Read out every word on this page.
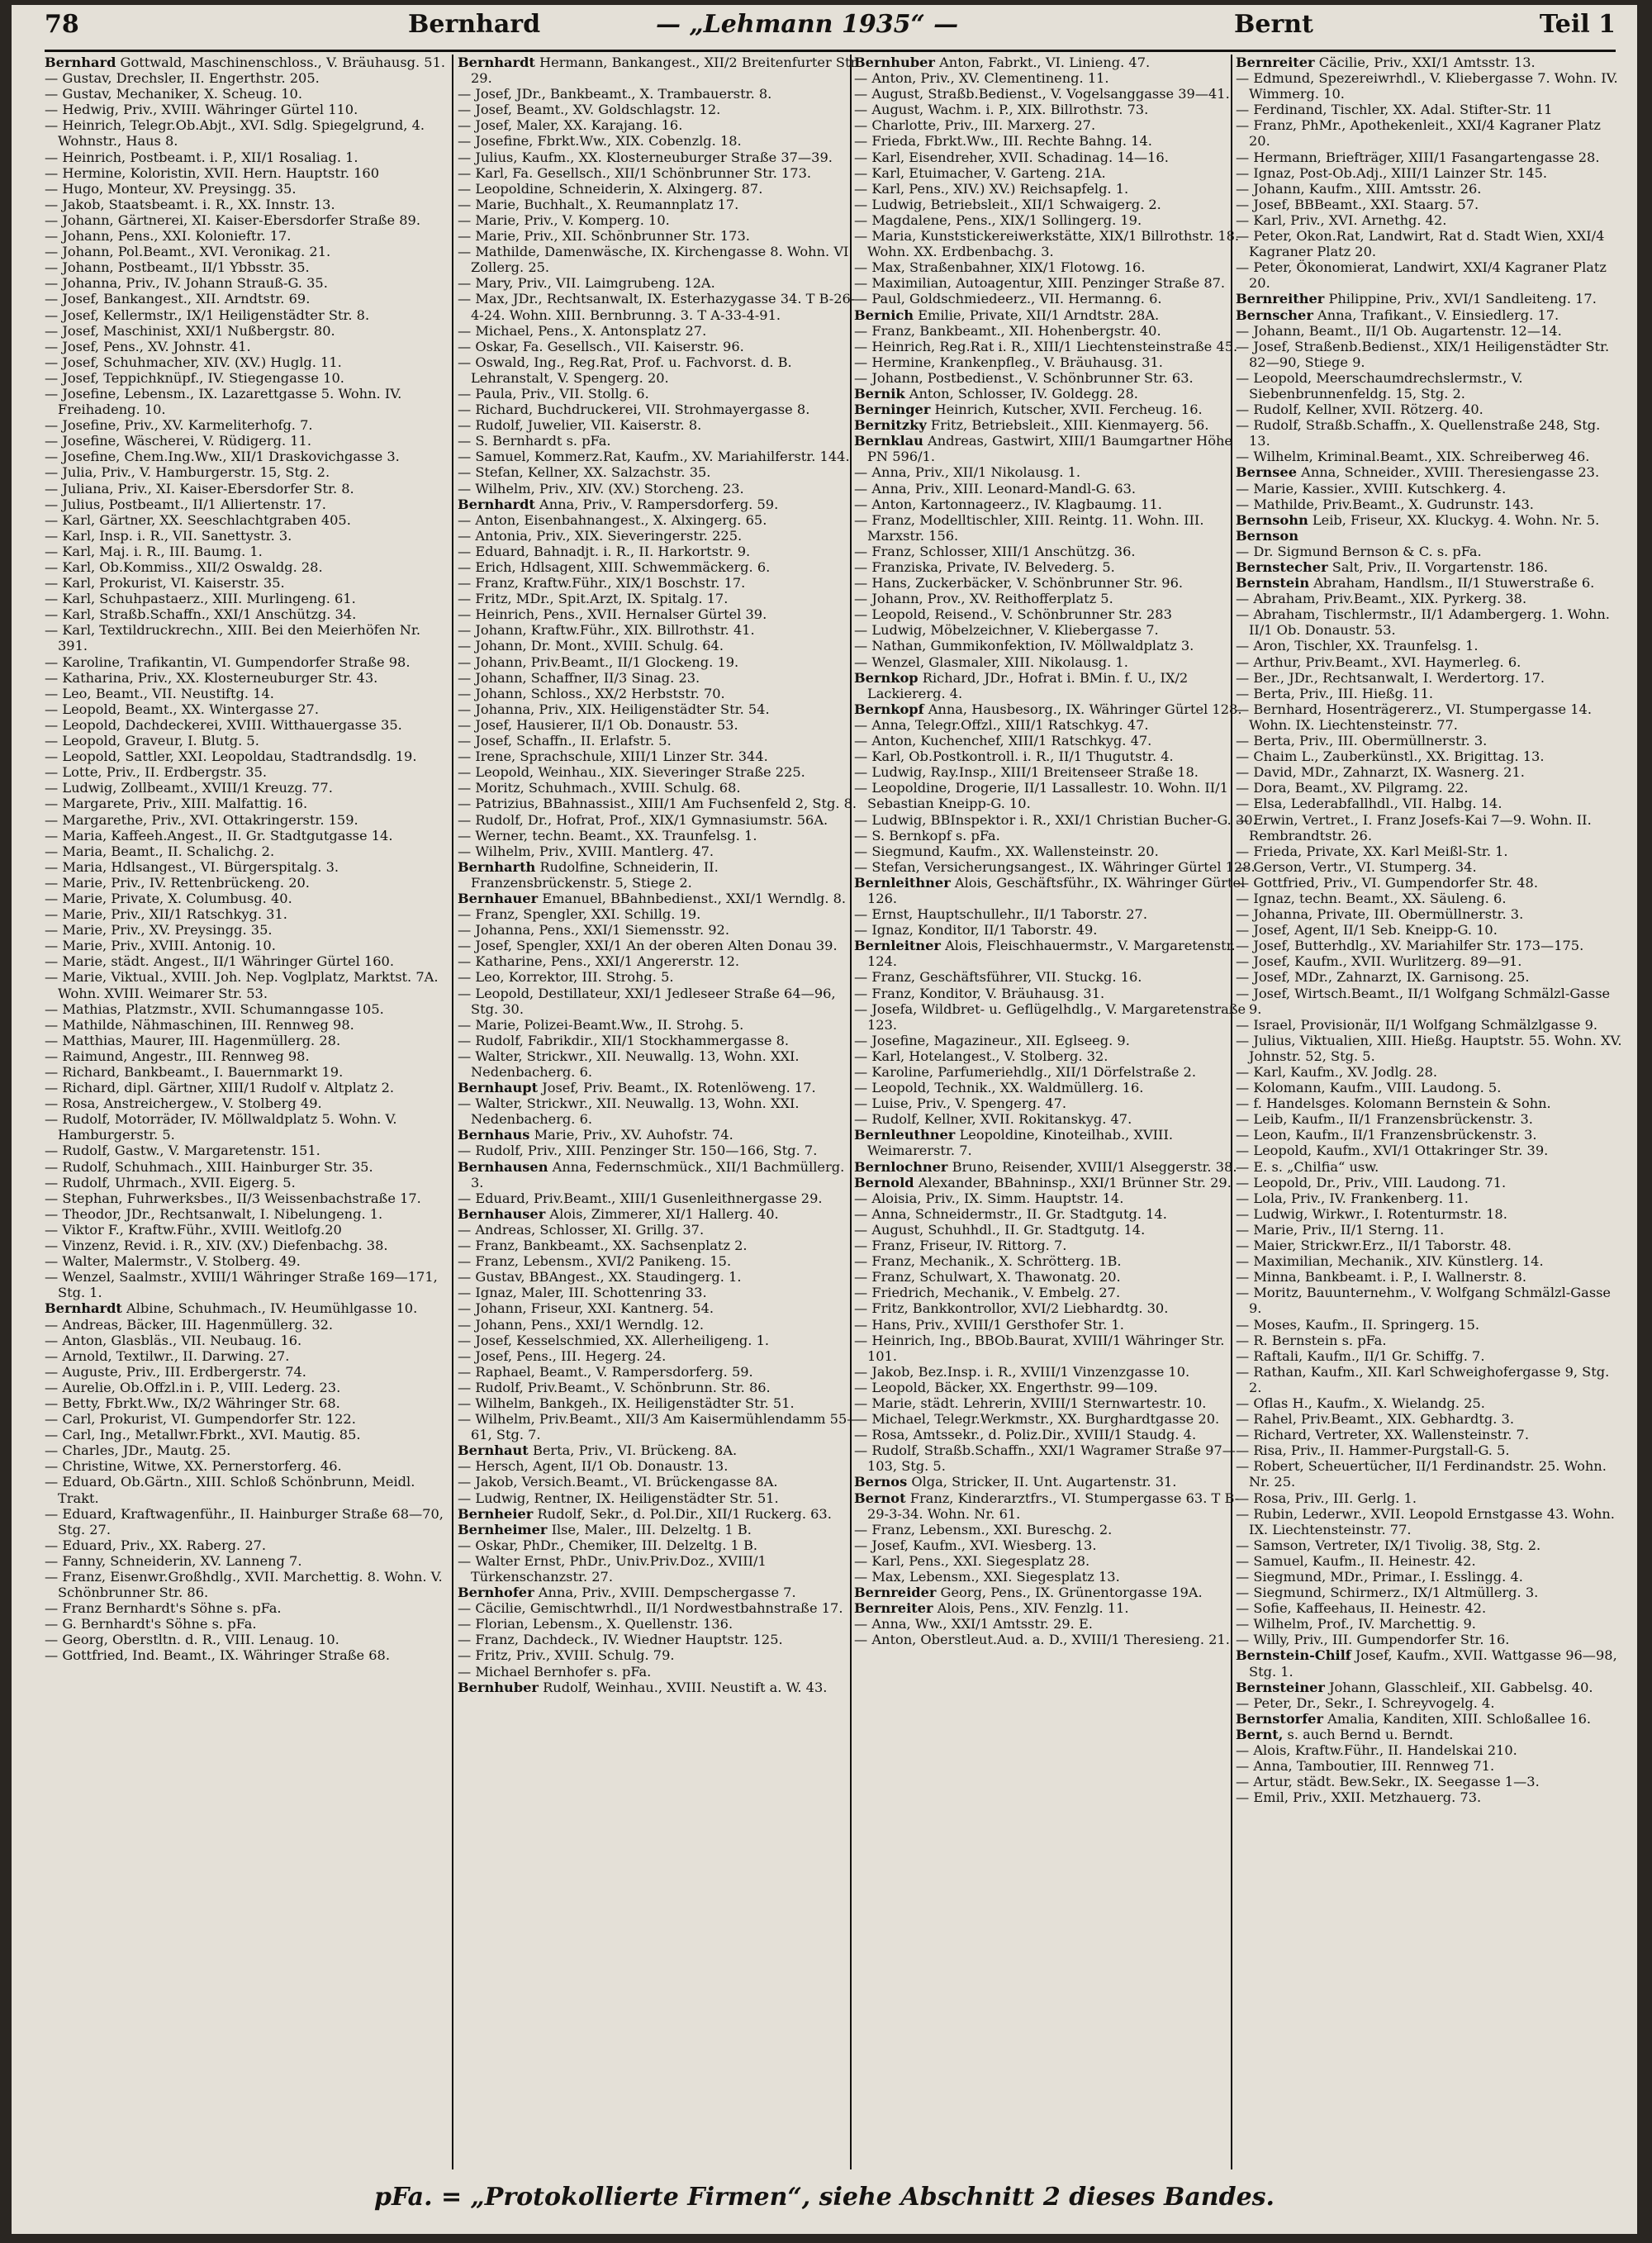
78	Bernhard	— „Lehmann 1935“ —	Bernt	Teil 1

Bernhard Gottwald, Maschinenschloss., V. Bräuhausg. 51.

— Gustav, Drechsler, II. Engerthstr. 205.

— Gustav, Mechaniker, X. Scheug. 10.

— Hedwig, Priv., XVIII. Währinger Gürtel 110.

— Heinrich, Telegr.Ob.Abjt., XVI. Sdlg. Spiegelgrund, 4. Wohnstr., Haus 8.

— Heinrich, Postbeamt. i. P., XII/1 Rosaliag. 1.

— Hermine, Koloristin, XVII. Hern. Hauptstr. 160

— Hugo, Monteur, XV. Preysingg. 35.

— Jakob, Staatsbeamt. i. R., XX. Innstr. 13.

— Johann, Gärtnerei, XI. Kaiser-Ebersdorfer Straße 89.

— Johann, Pens., XXI. Kolonieftr. 17.

— Johann, Pol.Beamt., XVI. Veronikag. 21.

— Johann, Postbeamt., II/1 Ybbsstr. 35.

— Johanna, Priv., IV. Johann Strauß-G. 35.

— Josef, Bankangest., XII. Arndtstr. 69.

— Josef, Kellermstr., IX/1 Heiligenstädter Str. 8.

— Josef, Maschinist, XXI/1 Nußbergstr. 80.

— Josef, Pens., XV. Johnstr. 41.

— Josef, Schuhmacher, XIV. (XV.) Huglg. 11.

— Josef, Teppichknüpf., IV. Stiegengasse 10.

— Josefine, Lebensm., IX. Lazarettgasse 5. Wohn. IV. Freihadeng. 10.

— Josefine, Priv., XV. Karmeliterhofg. 7.

— Josefine, Wäscherei, V. Rüdigerg. 11.

— Josefine, Chem.Ing.Ww., XII/1 Draskovichgasse 3.

— Julia, Priv., V. Hamburgerstr. 15, Stg. 2.

— Juliana, Priv., XI. Kaiser-Ebersdorfer Str. 8.

— Julius, Postbeamt., II/1 Alliertenstr. 17.

— Karl, Gärtner, XX. Seeschlachtgraben 405.

— Karl, Insp. i. R., VII. Sanettystr. 3.

— Karl, Maj. i. R., III. Baumg. 1.

— Karl, Ob.Kommiss., XII/2 Oswaldg. 28.

— Karl, Prokurist, VI. Kaiserstr. 35.

— Karl, Schuhpastaerz., XIII. Murlingeng. 61.

— Karl, Straßb.Schaffn., XXI/1 Anschützg. 34.

— Karl, Textildruckrechn., XIII. Bei den Meierhöfen Nr. 391.

— Karoline, Trafikantin, VI. Gumpendorfer Straße 98.

— Katharina, Priv., XX. Klosterneuburger Str. 43.

— Leo, Beamt., VII. Neustiftg. 14.

— Leopold, Beamt., XX. Wintergasse 27.

— Leopold, Dachdeckerei, XVIII. Witthauergasse 35.

— Leopold, Graveur, I. Blutg. 5.

— Leopold, Sattler, XXI. Leopoldau, Stadtrandsdlg. 19.

— Lotte, Priv., II. Erdbergstr. 35.

— Ludwig, Zollbeamt., XVIII/1 Kreuzg. 77.

— Margarete, Priv., XIII. Malfattig. 16.

— Margarethe, Priv., XVI. Ottakringerstr. 159.

— Maria, Kaffeeh.Angest., II. Gr. Stadtgutgasse 14.

— Maria, Beamt., II. Schalichg. 2.

— Maria, Hdlsangest., VI. Bürgerspitalg. 3.

— Marie, Priv., IV. Rettenbrückeng. 20.

— Marie, Private, X. Columbusg. 40.

— Marie, Priv., XII/1 Ratschkyg. 31.

— Marie, Priv., XV. Preysingg. 35.

— Marie, Priv., XVIII. Antonig. 10.

— Marie, städt. Angest., II/1 Währinger Gürtel 160.

— Marie, Viktual., XVIII. Joh. Nep. Voglplatz, Marktst. 7A. Wohn. XVIII. Weimarer Str. 53.

— Mathias, Platzmstr., XVII. Schumanngasse 105.

— Mathilde, Nähmaschinen, III. Rennweg 98.

— Matthias, Maurer, III. Hagenmüllerg. 28.

— Raimund, Angestr., III. Rennweg 98.

— Richard, Bankbeamt., I. Bauernmarkt 19.

— Richard, dipl. Gärtner, XIII/1 Rudolf v. Altplatz 2.

— Rosa, Anstreichergew., V. Stolberg 49.

— Rudolf, Motorräder, IV. Möllwaldplatz 5. Wohn. V. Hamburgerstr. 5.

— Rudolf, Gastw., V. Margaretenstr. 151.

— Rudolf, Schuhmach., XIII. Hainburger Str. 35.

— Rudolf, Uhrmach., XVII. Eigerg. 5.

— Stephan, Fuhrwerksbes., II/3 Weissenbachstraße 17.

— Theodor, JDr., Rechtsanwalt, I. Nibelungeng. 1.

— Viktor F., Kraftw.Führ., XVIII. Weitlofg.20

— Vinzenz, Revid. i. R., XIV. (XV.) Diefenbachg. 38.

— Walter, Malermstr., V. Stolberg. 49.

— Wenzel, Saalmstr., XVIII/1 Währinger Straße 169—171, Stg. 1.

Bernhardt Albine, Schuhmach., IV. Heumühlgasse 10.

— Andreas, Bäcker, III. Hagenmüllerg. 32.

— Anton, Glasbläs., VII. Neubaug. 16.

— Arnold, Textilwr., II. Darwing. 27.

— Auguste, Priv., III. Erdbergerstr. 74.

— Aurelie, Ob.Offzl.in i. P., VIII. Lederg. 23.

— Betty, Fbrkt.Ww., IX/2 Währinger Str. 68.

— Carl, Prokurist, VI. Gumpendorfer Str. 122.

— Carl, Ing., Metallwr.Fbrkt., XVI. Mautig. 85.

— Charles, JDr., Mautg. 25.

— Christine, Witwe, XX. Pernerstorferg. 46.

— Eduard, Ob.Gärtn., XIII. Schloß Schönbrunn, Meidl. Trakt.

— Eduard, Kraftwagenführ., II. Hainburger Straße 68—70, Stg. 27.

— Eduard, Priv., XX. Raberg. 27.

— Fanny, Schneiderin, XV. Lanneng 7.

— Franz, Eisenwr.Großhdlg., XVII. Marchettig. 8. Wohn. V. Schönbrunner Str. 86.

— Franz Bernhardt's Söhne s. pFa.

— G. Bernhardt's Söhne s. pFa.

— Georg, Oberstltn. d. R., VIII. Lenaug. 10.

— Gottfried, Ind. Beamt., IX. Währinger Straße 68.

Bernhardt Hermann, Bankangest., XII/2 Breitenfurter Str. 29.

— Josef, JDr., Bankbeamt., X. Trambauerstr. 8.

— Josef, Beamt., XV. Goldschlagstr. 12.

— Josef, Maler, XX. Karajang. 16.

— Josefine, Fbrkt.Ww., XIX. Cobenzlg. 18.

— Julius, Kaufm., XX. Klosterneuburger Straße 37—39.

— Karl, Fa. Gesellsch., XII/1 Schönbrunner Str. 173.

— Leopoldine, Schneiderin, X. Alxingerg. 87.

— Marie, Buchhalt., X. Reumannplatz 17.

— Marie, Priv., V. Komperg. 10.

— Marie, Priv., XII. Schönbrunner Str. 173.

— Mathilde, Damenwäsche, IX. Kirchengasse 8. Wohn. VI. Zollerg. 25.

— Mary, Priv., VII. Laimgrubeng. 12A.

— Max, JDr., Rechtsanwalt, IX. Esterhazygasse 34. T B-26-4-24. Wohn. XIII. Bernbrunng. 3. T A-33-4-91.

— Michael, Pens., X. Antonsplatz 27.

— Oskar, Fa. Gesellsch., VII. Kaiserstr. 96.

— Oswald, Ing., Reg.Rat, Prof. u. Fachvorst. d. B. Lehranstalt, V. Spengerg. 20.

— Paula, Priv., VII. Stollg. 6.

— Richard, Buchdruckerei, VII. Strohmayergasse 8.

— Rudolf, Juwelier, VII. Kaiserstr. 8.

— S. Bernhardt s. pFa.

— Samuel, Kommerz.Rat, Kaufm., XV. Mariahilferstr. 144.

— Stefan, Kellner, XX. Salzachstr. 35.

— Wilhelm, Priv., XIV. (XV.) Storcheng. 23.

Bernhardt Anna, Priv., V. Rampersdorferg. 59.

— Anton, Eisenbahnangest., X. Alxingerg. 65.

— Antonia, Priv., XIX. Sieveringerstr. 225.

— Eduard, Bahnadjt. i. R., II. Harkortstr. 9.

— Erich, Hdlsagent, XIII. Schwemmäckerg. 6.

— Franz, Kraftw.Führ., XIX/1 Boschstr. 17.

— Fritz, MDr., Spit.Arzt, IX. Spitalg. 17.

— Heinrich, Pens., XVII. Hernalser Gürtel 39.

— Johann, Kraftw.Führ., XIX. Billrothstr. 41.

— Johann, Dr. Mont., XVIII. Schulg. 64.

— Johann, Priv.Beamt., II/1 Glockeng. 19.

— Johann, Schaffner, II/3 Sinag. 23.

— Johann, Schloss., XX/2 Herbststr. 70.

— Johanna, Priv., XIX. Heiligenstädter Str. 54.

— Josef, Hausierer, II/1 Ob. Donaustr. 53.

— Josef, Schaffn., II. Erlafstr. 5.

— Irene, Sprachschule, XIII/1 Linzer Str. 344.

— Leopold, Weinhau., XIX. Sieveringer Straße 225.

— Moritz, Schuhmach., XVIII. Schulg. 68.

— Patrizius, BBahnassist., XIII/1 Am Fuchsenfeld 2, Stg. 8.

— Rudolf, Dr., Hofrat, Prof., XIX/1 Gymnasiumstr. 56A.

— Werner, techn. Beamt., XX. Traunfelsg. 1.

— Wilhelm, Priv., XVIII. Mantlerg. 47.

Bernharth Rudolfine, Schneiderin, II. Franzensbrückenstr. 5, Stiege 2.

Bernhauer Emanuel, BBahnbedienst., XXI/1 Werndlg. 8.

— Franz, Spengler, XXI. Schillg. 19.

— Johanna, Pens., XXI/1 Siemensstr. 92.

— Josef, Spengler, XXI/1 An der oberen Alten Donau 39.

— Katharine, Pens., XXI/1 Angererstr. 12.

— Leo, Korrektor, III. Strohg. 5.

— Leopold, Destillateur, XXI/1 Jedleseer Straße 64—96, Stg. 30.

— Marie, Polizei-Beamt.Ww., II. Strohg. 5.

— Rudolf, Fabrikdir., XII/1 Stockhammergasse 8.

— Walter, Strickwr., XII. Neuwallg. 13, Wohn. XXI. Nedenbacherg. 6.

Bernhaupt Josef, Priv. Beamt., IX. Rotenlöweng. 17.

— Walter, Strickwr., XII. Neuwallg. 13, Wohn. XXI. Nedenbacherg. 6.

Bernhaus Marie, Priv., XV. Auhofstr. 74.

— Rudolf, Priv., XIII. Penzinger Str. 150—166, Stg. 7.

Bernhausen Anna, Federnschmück., XII/1 Bachmüllerg. 3.

— Eduard, Priv.Beamt., XIII/1 Gusenleithnergasse 29.

Bernhauser Alois, Zimmerer, XI/1 Hallerg. 40.

— Andreas, Schlosser, XI. Grillg. 37.

— Franz, Bankbeamt., XX. Sachsenplatz 2.

— Franz, Lebensm., XVI/2 Panikeng. 15.

— Gustav, BBAngest., XX. Staudingerg. 1.

— Ignaz, Maler, III. Schottenring 33.

— Johann, Friseur, XXI. Kantnerg. 54.

— Johann, Pens., XXI/1 Werndlg. 12.

— Josef, Kesselschmied, XX. Allerheiligeng. 1.

— Josef, Pens., III. Hegerg. 24.

— Raphael, Beamt., V. Rampersdorferg. 59.

— Rudolf, Priv.Beamt., V. Schönbrunn. Str. 86.

— Wilhelm, Bankgeh., IX. Heiligenstädter Str. 51.

— Wilhelm, Priv.Beamt., XII/3 Am Kaisermühlendamm 55—61, Stg. 7.

Bernhaut Berta, Priv., VI. Brückeng. 8A.

— Hersch, Agent, II/1 Ob. Donaustr. 13.

— Jakob, Versich.Beamt., VI. Brückengasse 8A.

— Ludwig, Rentner, IX. Heiligenstädter Str. 51.

Bernheier Rudolf, Sekr., d. Pol.Dir., XII/1 Ruckerg. 63.

Bernheimer Ilse, Maler., III. Delzeltg. 1 B.

— Oskar, PhDr., Chemiker, III. Delzeltg. 1 B.

— Walter Ernst, PhDr., Univ.Priv.Doz., XVIII/1 Türkenschanzstr. 27.

Bernhofer Anna, Priv., XVIII. Dempschergasse 7.

— Cäcilie, Gemischtwrhdl., II/1 Nordwestbahnstraße 17.

— Florian, Lebensm., X. Quellenstr. 136.

— Franz, Dachdeck., IV. Wiedner Hauptstr. 125.

— Fritz, Priv., XVIII. Schulg. 79.

— Michael Bernhofer s. pFa.

Bernhuber Rudolf, Weinhau., XVIII. Neustift a. W. 43.

Bernhuber Anton, Fabrkt., VI. Linieng. 47.

— Anton, Priv., XV. Clementineng. 11.

— August, Straßb.Bedienst., V. Vogelsanggasse 39—41.

— August, Wachm. i. P., XIX. Billrothstr. 73.

— Charlotte, Priv., III. Marxerg. 27.

— Frieda, Fbrkt.Ww., III. Rechte Bahng. 14.

— Karl, Eisendreher, XVII. Schadinag. 14—16.

— Karl, Etuimacher, V. Garteng. 21A.

— Karl, Pens., XIV.) XV.) Reichsapfelg. 1.

— Ludwig, Betriebsleit., XII/1 Schwaigerg. 2.

— Magdalene, Pens., XIX/1 Sollingerg. 19.

— Maria, Kunststickereiwerkstätte, XIX/1 Billrothstr. 18. Wohn. XX. Erdbenbachg. 3.

— Max, Straßenbahner, XIX/1 Flotowg. 16.

— Maximilian, Autoagentur, XIII. Penzinger Straße 87.

— Paul, Goldschmiedeerz., VII. Hermanng. 6.

Bernich Emilie, Private, XII/1 Arndtstr. 28A.

— Franz, Bankbeamt., XII. Hohenbergstr. 40.

— Heinrich, Reg.Rat i. R., XIII/1 Liechtensteinstraße 45.

— Hermine, Krankenpfleg., V. Bräuhausg. 31.

— Johann, Postbedienst., V. Schönbrunner Str. 63.

Bernik Anton, Schlosser, IV. Goldegg. 28.

Berninger Heinrich, Kutscher, XVII. Fercheug. 16.

Bernitzky Fritz, Betriebsleit., XIII. Kienmayerg. 56.

Bernklau Andreas, Gastwirt, XIII/1 Baumgartner Höhe PN 596/1.

— Anna, Priv., XII/1 Nikolausg. 1.

— Anna, Priv., XIII. Leonard-Mandl-G. 63.

— Anton, Kartonnageerz., IV. Klagbaumg. 11.

— Franz, Modelltischler, XIII. Reintg. 11. Wohn. III. Marxstr. 156.

— Franz, Schlosser, XIII/1 Anschützg. 36.

— Franziska, Private, IV. Belvederg. 5.

— Hans, Zuckerbäcker, V. Schönbrunner Str. 96.

— Johann, Prov., XV. Reithofferplatz 5.

— Leopold, Reisend., V. Schönbrunner Str. 283

— Ludwig, Möbelzeichner, V. Kliebergasse 7.

— Nathan, Gummikonfektion, IV. Möllwaldplatz 3.

— Wenzel, Glasmaler, XIII. Nikolausg. 1.

Bernkop Richard, JDr., Hofrat i. BMin. f. U., IX/2 Lackiererg. 4.

Bernkopf Anna, Hausbesorg., IX. Währinger Gürtel 128.

— Anna, Telegr.Offzl., XIII/1 Ratschkyg. 47.

— Anton, Kuchenchef, XIII/1 Ratschkyg. 47.

— Karl, Ob.Postkontroll. i. R., II/1 Thugutstr. 4.

— Ludwig, Ray.Insp., XIII/1 Breitenseer Straße 18.

— Leopoldine, Drogerie, II/1 Lassallestr. 10. Wohn. II/1 Sebastian Kneipp-G. 10.

— Ludwig, BBInspektor i. R., XXI/1 Christian Bucher-G. 30.

— S. Bernkopf s. pFa.

— Siegmund, Kaufm., XX. Wallensteinstr. 20.

— Stefan, Versicherungsangest., IX. Währinger Gürtel 128.

Bernleithner Alois, Geschäftsführ., IX. Währinger Gürtel 126.

— Ernst, Hauptschullehr., II/1 Taborstr. 27.

— Ignaz, Konditor, II/1 Taborstr. 49.

Bernleitner Alois, Fleischhauermstr., V. Margaretenstr. 124.

— Franz, Geschäftsführer, VII. Stuckg. 16.

— Franz, Konditor, V. Bräuhausg. 31.

— Josefa, Wildbret- u. Geflügelhdlg., V. Margaretenstraße 123.

— Josefine, Magazineur., XII. Eglseeg. 9.

— Karl, Hotelangest., V. Stolberg. 32.

— Karoline, Parfumeriehdlg., XII/1 Dörfelstraße 2.

— Leopold, Technik., XX. Waldmüllerg. 16.

— Luise, Priv., V. Spengerg. 47.

— Rudolf, Kellner, XVII. Rokitanskyg. 47.

Bernleuthner Leopoldine, Kinoteilhab., XVIII. Weimarerstr. 7.

Bernlochner Bruno, Reisender, XVIII/1 Alseggerstr. 38.

Bernold Alexander, BBahninsp., XXI/1 Brünner Str. 29.

— Aloisia, Priv., IX. Simm. Hauptstr. 14.

— Anna, Schneidermstr., II. Gr. Stadtgutg. 14.

— August, Schuhhdl., II. Gr. Stadtgutg. 14.

— Franz, Friseur, IV. Rittorg. 7.

— Franz, Mechanik., X. Schrötterg. 1B.

— Franz, Schulwart, X. Thawonatg. 20.

— Friedrich, Mechanik., V. Embelg. 27.

— Fritz, Bankkontrollor, XVI/2 Liebhardtg. 30.

— Hans, Priv., XVIII/1 Gersthofer Str. 1.

— Heinrich, Ing., BBOb.Baurat, XVIII/1 Währinger Str. 101.

— Jakob, Bez.Insp. i. R., XVIII/1 Vinzenzgasse 10.

— Leopold, Bäcker, XX. Engerthstr. 99—109.

— Marie, städt. Lehrerin, XVIII/1 Sternwartestr. 10.

— Michael, Telegr.Werkmstr., XX. Burghardtgasse 20.

— Rosa, Amtssekr., d. Poliz.Dir., XVIII/1 Staudg. 4.

— Rudolf, Straßb.Schaffn., XXI/1 Wagramer Straße 97—103, Stg. 5.

Bernos Olga, Stricker, II. Unt. Augartenstr. 31.

Bernot Franz, Kinderarztfrs., VI. Stumpergasse 63. T B-29-3-34. Wohn. Nr. 61.

— Franz, Lebensm., XXI. Bureschg. 2.

— Josef, Kaufm., XVI. Wiesberg. 13.

— Karl, Pens., XXI. Siegesplatz 28.

— Max, Lebensm., XXI. Siegesplatz 13.

Bernreider Georg, Pens., IX. Grünentorgasse 19A.

Bernreiter Alois, Pens., XIV. Fenzlg. 11.

— Anna, Ww., XXI/1 Amtsstr. 29. E.

— Anton, Oberstleut.Aud. a. D., XVIII/1 Theresieng. 21.

Bernreiter Cäcilie, Priv., XXI/1 Amtsstr. 13.

— Edmund, Spezereiwrhdl., V. Kliebergasse 7. Wohn. IV. Wimmerg. 10.

— Ferdinand, Tischler, XX. Adal. Stifter-Str. 11

— Franz, PhMr., Apothekenleit., XXI/4 Kagraner Platz 20.

— Hermann, Briefträger, XIII/1 Fasangartengasse 28.

— Ignaz, Post-Ob.Adj., XIII/1 Lainzer Str. 145.

— Johann, Kaufm., XIII. Amtsstr. 26.

— Josef, BBBeamt., XXI. Staarg. 57.

— Karl, Priv., XVI. Arnethg. 42.

— Peter, Okon.Rat, Landwirt, Rat d. Stadt Wien, XXI/4 Kagraner Platz 20.

— Peter, Ökonomierat, Landwirt, XXI/4 Kagraner Platz 20.

Bernreither Philippine, Priv., XVI/1 Sandleiteng. 17.

Bernscher Anna, Trafikant., V. Einsiedlerg. 17.

— Johann, Beamt., II/1 Ob. Augartenstr. 12—14.

— Josef, Straßenb.Bedienst., XIX/1 Heiligenstädter Str. 82—90, Stiege 9.

— Leopold, Meerschaumdrechslermstr., V. Siebenbrunnenfeldg. 15, Stg. 2.

— Rudolf, Kellner, XVII. Rötzerg. 40.

— Rudolf, Straßb.Schaffn., X. Quellenstraße 248, Stg. 13.

— Wilhelm, Kriminal.Beamt., XIX. Schreiberweg 46.

Bernsee Anna, Schneider., XVIII. Theresiengasse 23.

— Marie, Kassier., XVIII. Kutschkerg. 4.

— Mathilde, Priv.Beamt., X. Gudrunstr. 143.

Bernsohn Leib, Friseur, XX. Kluckyg. 4. Wohn. Nr. 5.

Bernson

— Dr. Sigmund Bernson & C. s. pFa.

Bernstecher Salt, Priv., II. Vorgartenstr. 186.

Bernstein Abraham, Handlsm., II/1 Stuwerstraße 6.

— Abraham, Priv.Beamt., XIX. Pyrkerg. 38.

— Abraham, Tischlermstr., II/1 Adambergerg. 1. Wohn. II/1 Ob. Donaustr. 53.

— Aron, Tischler, XX. Traunfelsg. 1.

— Arthur, Priv.Beamt., XVI. Haymerleg. 6.

— Ber., JDr., Rechtsanwalt, I. Werdertorg. 17.

— Berta, Priv., III. Hießg. 11.

— Bernhard, Hosenträgererz., VI. Stumpergasse 14. Wohn. IX. Liechtensteinstr. 77.

— Berta, Priv., III. Obermüllnerstr. 3.

— Chaim L., Zauberkünstl., XX. Brigittag. 13.

— David, MDr., Zahnarzt, IX. Wasnerg. 21.

— Dora, Beamt., XV. Pilgramg. 22.

— Elsa, Lederabfallhdl., VII. Halbg. 14.

— Erwin, Vertret., I. Franz Josefs-Kai 7—9. Wohn. II. Rembrandtstr. 26.

— Frieda, Private, XX. Karl Meißl-Str. 1.

— Gerson, Vertr., VI. Stumperg. 34.

— Gottfried, Priv., VI. Gumpendorfer Str. 48.

— Ignaz, techn. Beamt., XX. Säuleng. 6.

— Johanna, Private, III. Obermüllnerstr. 3.

— Josef, Agent, II/1 Seb. Kneipp-G. 10.

— Josef, Butterhdlg., XV. Mariahilfer Str. 173—175.

— Josef, Kaufm., XVII. Wurlitzerg. 89—91.

— Josef, MDr., Zahnarzt, IX. Garnisong. 25.

— Josef, Wirtsch.Beamt., II/1 Wolfgang Schmälzl-Gasse 9.

— Israel, Provisionär, II/1 Wolfgang Schmälzlgasse 9.

— Julius, Viktualien, XIII. Hießg. Hauptstr. 55. Wohn. XV. Johnstr. 52, Stg. 5.

— Karl, Kaufm., XV. Jodlg. 28.

— Kolomann, Kaufm., VIII. Laudong. 5.

— f. Handelsges. Kolomann Bernstein & Sohn.

— Leib, Kaufm., II/1 Franzensbrückenstr. 3.

— Leon, Kaufm., II/1 Franzensbrückenstr. 3.

— Leopold, Kaufm., XVI/1 Ottakringer Str. 39.

— E. s. „Chilfia“ usw.

— Leopold, Dr., Priv., VIII. Laudong. 71.

— Lola, Priv., IV. Frankenberg. 11.

— Ludwig, Wirkwr., I. Rotenturmstr. 18.

— Marie, Priv., II/1 Sterng. 11.

— Maier, Strickwr.Erz., II/1 Taborstr. 48.

— Maximilian, Mechanik., XIV. Künstlerg. 14.

— Minna, Bankbeamt. i. P., I. Wallnerstr. 8.

— Moritz, Bauunternehm., V. Wolfgang Schmälzl-Gasse 9.

— Moses, Kaufm., II. Springerg. 15.

— R. Bernstein s. pFa.

— Raftali, Kaufm., II/1 Gr. Schiffg. 7.

— Rathan, Kaufm., XII. Karl Schweighofergasse 9, Stg. 2.

— Oflas H., Kaufm., X. Wielandg. 25.

— Rahel, Priv.Beamt., XIX. Gebhardtg. 3.

— Richard, Vertreter, XX. Wallensteinstr. 7.

— Risa, Priv., II. Hammer-Purgstall-G. 5.

— Robert, Scheuertücher, II/1 Ferdinandstr. 25. Wohn. Nr. 25.

— Rosa, Priv., III. Gerlg. 1.

— Rubin, Lederwr., XVII. Leopold Ernstgasse 43. Wohn. IX. Liechtensteinstr. 77.

— Samson, Vertreter, IX/1 Tivolig. 38, Stg. 2.

— Samuel, Kaufm., II. Heinestr. 42.

— Siegmund, MDr., Primar., I. Esslingg. 4.

— Siegmund, Schirmerz., IX/1 Altmüllerg. 3.

— Sofie, Kaffeehaus, II. Heinestr. 42.

— Wilhelm, Prof., IV. Marchettig. 9.

— Willy, Priv., III. Gumpendorfer Str. 16.

Bernstein-Chilf Josef, Kaufm., XVII. Wattgasse 96—98, Stg. 1.

Bernsteiner Johann, Glasschleif., XII. Gabbelsg. 40.

— Peter, Dr., Sekr., I. Schreyvogelg. 4.

Bernstorfer Amalia, Kanditen, XIII. Schloßallee 16.

Bernt, s. auch Bernd u. Berndt.

— Alois, Kraftw.Führ., II. Handelskai 210.

— Anna, Tamboutier, III. Rennweg 71.

— Artur, städt. Bew.Sekr., IX. Seegasse 1—3.

— Emil, Priv., XXII. Metzhauerg. 73.

pFa. = „Protokollierte Firmen“, siehe Abschnitt 2 dieses Bandes.
